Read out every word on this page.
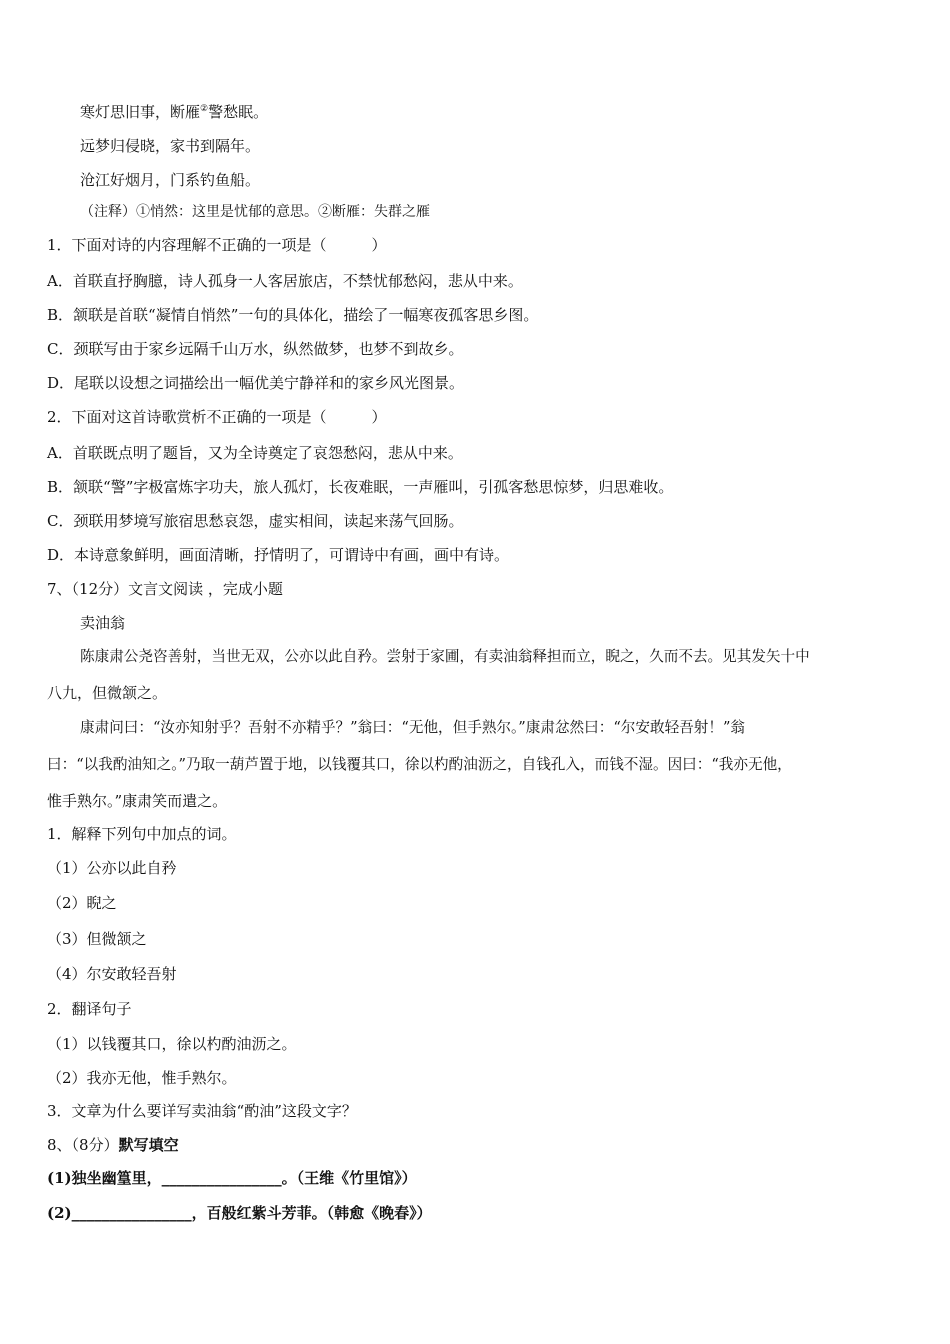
寒灯思旧事，断雁②警愁眠。
远梦归侵晓，家书到隔年。
沧江好烟月，门系钓鱼船。
（注释）①悄然：这里是忧郁的意思。②断雁：失群之雁
1．下面对诗的内容理解不正确的一项是（　　　）
A．首联直抒胸臆，诗人孤身一人客居旅店，不禁忧郁愁闷，悲从中来。
B．颔联是首联“凝情自悄然”一句的具体化，描绘了一幅寒夜孤客思乡图。
C．颈联写由于家乡远隔千山万水，纵然做梦，也梦不到故乡。
D．尾联以设想之词描绘出一幅优美宁静祥和的家乡风光图景。
2．下面对这首诗歌赏析不正确的一项是（　　　）
A．首联既点明了题旨，又为全诗奠定了哀怨愁闷，悲从中来。
B．颔联“警”字极富炼字功夫，旅人孤灯，长夜难眠，一声雁叫，引孤客愁思惊梦，归思难收。
C．颈联用梦境写旅宿思愁哀怨，虚实相间，读起来荡气回肠。
D．本诗意象鲜明，画面清晰，抒情明了，可谓诗中有画，画中有诗。
7、（12分）文言文阅读 ，完成小题
卖油翁
陈康肃公尧咨善射，当世无双，公亦以此自矜。尝射于家圃，有卖油翁释担而立，睨之，久而不去。见其发矢十中
八九，但微颔之。
康肃问曰：“汝亦知射乎？吾射不亦精乎？”翁曰：“无他，但手熟尔。”康肃忿然曰：“尔安敢轻吾射！”翁
曰：“以我酌油知之。”乃取一葫芦置于地，以钱覆其口，徐以杓酌油沥之，自钱孔入，而钱不湿。因曰：“我亦无他，
惟手熟尔。”康肃笑而遣之。
1．解释下列句中加点的词。
（1）公亦以此自矜
（2）睨之
（3）但微颔之
（4）尔安敢轻吾射
2．翻译句子
（1）以钱覆其口，徐以杓酌油沥之。
（2）我亦无他，惟手熟尔。
3．文章为什么要详写卖油翁“酌油”这段文字？
8、（8分）默写填空
(1)独坐幽篁里，________________。（王维《竹里馆》）
(2)________________，百般红紫斗芳菲。（韩愈《晚春》）
